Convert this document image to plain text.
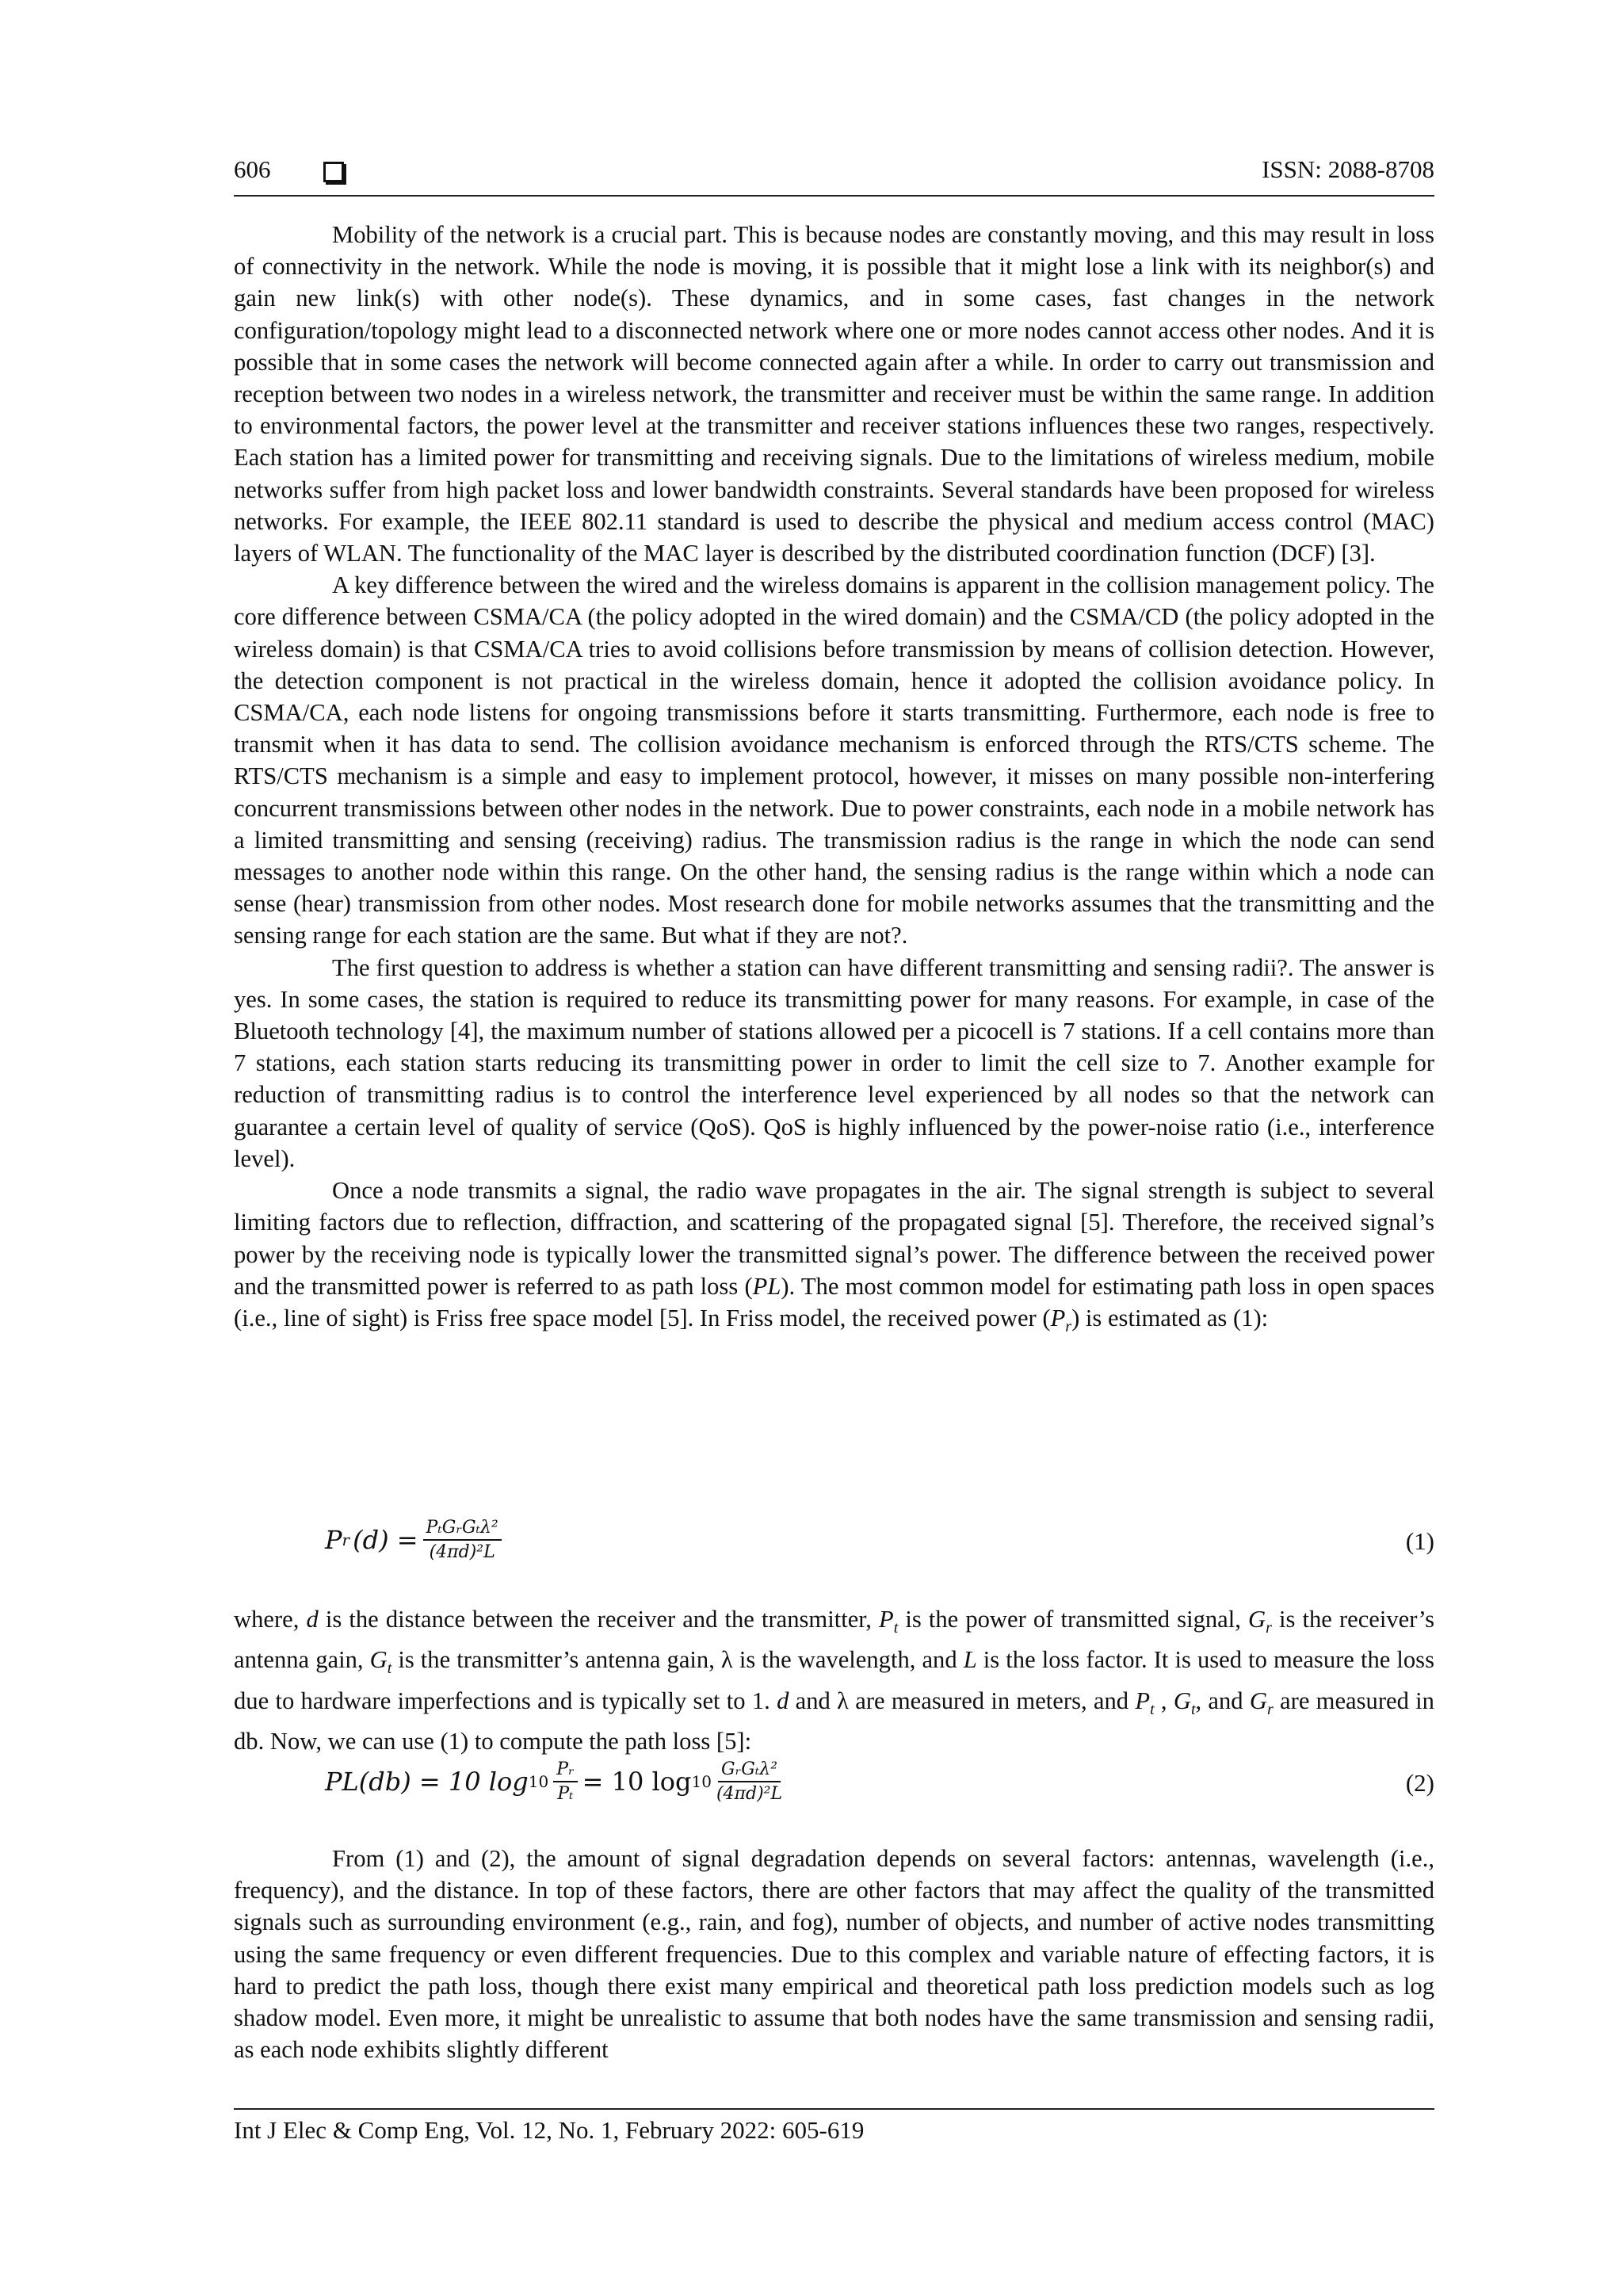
606	ISSN: 2088-8708

Mobility of the network is a crucial part. This is because nodes are constantly moving, and this may result in loss of connectivity in the network. While the node is moving, it is possible that it might lose a link with its neighbor(s) and gain new link(s) with other node(s). These dynamics, and in some cases, fast changes in the network configuration/topology might lead to a disconnected network where one or more nodes cannot access other nodes. And it is possible that in some cases the network will become connected again after a while. In order to carry out transmission and reception between two nodes in a wireless network, the transmitter and receiver must be within the same range. In addition to environmental factors, the power level at the transmitter and receiver stations influences these two ranges, respectively. Each station has a limited power for transmitting and receiving signals. Due to the limitations of wireless medium, mobile networks suffer from high packet loss and lower bandwidth constraints. Several standards have been proposed for wireless networks. For example, the IEEE 802.11 standard is used to describe the physical and medium access control (MAC) layers of WLAN. The functionality of the MAC layer is described by the distributed coordination function (DCF) [3].

A key difference between the wired and the wireless domains is apparent in the collision management policy. The core difference between CSMA/CA (the policy adopted in the wired domain) and the CSMA/CD (the policy adopted in the wireless domain) is that CSMA/CA tries to avoid collisions before transmission by means of collision detection. However, the detection component is not practical in the wireless domain, hence it adopted the collision avoidance policy. In CSMA/CA, each node listens for ongoing transmissions before it starts transmitting. Furthermore, each node is free to transmit when it has data to send. The collision avoidance mechanism is enforced through the RTS/CTS scheme. The RTS/CTS mechanism is a simple and easy to implement protocol, however, it misses on many possible non-interfering concurrent transmissions between other nodes in the network. Due to power constraints, each node in a mobile network has a limited transmitting and sensing (receiving) radius. The transmission radius is the range in which the node can send messages to another node within this range. On the other hand, the sensing radius is the range within which a node can sense (hear) transmission from other nodes. Most research done for mobile networks assumes that the transmitting and the sensing range for each station are the same. But what if they are not?.

The first question to address is whether a station can have different transmitting and sensing radii?. The answer is yes. In some cases, the station is required to reduce its transmitting power for many reasons. For example, in case of the Bluetooth technology [4], the maximum number of stations allowed per a picocell is 7 stations. If a cell contains more than 7 stations, each station starts reducing its transmitting power in order to limit the cell size to 7. Another example for reduction of transmitting radius is to control the interference level experienced by all nodes so that the network can guarantee a certain level of quality of service (QoS). QoS is highly influenced by the power-noise ratio (i.e., interference level).

Once a node transmits a signal, the radio wave propagates in the air. The signal strength is subject to several limiting factors due to reflection, diffraction, and scattering of the propagated signal [5]. Therefore, the received signal’s power by the receiving node is typically lower the transmitted signal’s power. The difference between the received power and the transmitted power is referred to as path loss (PL). The most common model for estimating path loss in open spaces (i.e., line of sight) is Friss free space model [5]. In Friss model, the received power $(P_r)$ is estimated as (1):

P r $(d) = \frac{\text{PₜGᵣGₜλ²}}{\text{(4πd)²L}}$	(1)

where, d is the distance between the receiver and the transmitter, $P_t$ is the power of transmitted signal, $G_r$ is the receiver’s antenna gain, $G_t$ is the transmitter’s antenna gain, λ is the wavelength, and L is the loss factor. It is used to measure the loss due to hardware imperfections and is typically set to 1. d and λ are measured in meters, and $P_t$ , $G_t$, and $G_r$ are measured in db. Now, we can use (1) to compute the path loss [5]:

PL(db) = 10 $\log 10 \frac{\text{Pᵣ}}{\text{Pₜ}} = 10$ $\log 10 \frac{\text{GᵣGₜλ²}}{\text{(4πd)²L}}$	(2)

From (1) and (2), the amount of signal degradation depends on several factors: antennas, wavelength (i.e., frequency), and the distance. In top of these factors, there are other factors that may affect the quality of the transmitted signals such as surrounding environment (e.g., rain, and fog), number of objects, and number of active nodes transmitting using the same frequency or even different frequencies. Due to this complex and variable nature of effecting factors, it is hard to predict the path loss, though there exist many empirical and theoretical path loss prediction models such as log shadow model. Even more, it might be unrealistic to assume that both nodes have the same transmission and sensing radii, as each node exhibits slightly different

Int J Elec & Comp Eng, Vol. 12, No. 1, February 2022: 605-619
